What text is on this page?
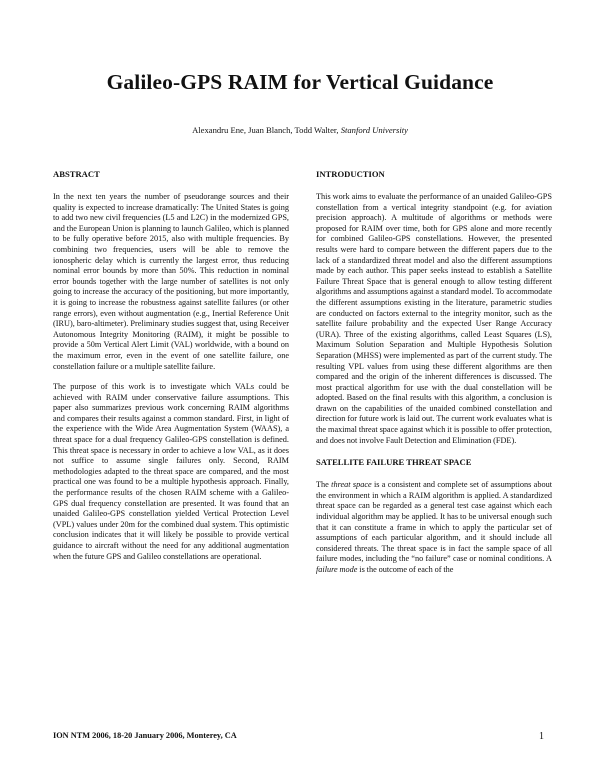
Galileo-GPS RAIM for Vertical Guidance
Alexandru Ene, Juan Blanch, Todd Walter, Stanford University
ABSTRACT

In the next ten years the number of pseudorange sources and their quality is expected to increase dramatically: The United States is going to add two new civil frequencies (L5 and L2C) in the modernized GPS, and the European Union is planning to launch Galileo, which is planned to be fully operative before 2015, also with multiple frequencies. By combining two frequencies, users will be able to remove the ionospheric delay which is currently the largest error, thus reducing nominal error bounds by more than 50%. This reduction in nominal error bounds together with the large number of satellites is not only going to increase the accuracy of the positioning, but more importantly, it is going to increase the robustness against satellite failures (or other range errors), even without augmentation (e.g., Inertial Reference Unit (IRU), baro-altimeter). Preliminary studies suggest that, using Receiver Autonomous Integrity Monitoring (RAIM), it might be possible to provide a 50m Vertical Alert Limit (VAL) worldwide, with a bound on the maximum error, even in the event of one satellite failure, one constellation failure or a multiple satellite failure.

The purpose of this work is to investigate which VALs could be achieved with RAIM under conservative failure assumptions. This paper also summarizes previous work concerning RAIM algorithms and compares their results against a common standard. First, in light of the experience with the Wide Area Augmentation System (WAAS), a threat space for a dual frequency Galileo-GPS constellation is defined. This threat space is necessary in order to achieve a low VAL, as it does not suffice to assume single failures only. Second, RAIM methodologies adapted to the threat space are compared, and the most practical one was found to be a multiple hypothesis approach. Finally, the performance results of the chosen RAIM scheme with a Galileo-GPS dual frequency constellation are presented. It was found that an unaided Galileo-GPS constellation yielded Vertical Protection Level (VPL) values under 20m for the combined dual system. This optimistic conclusion indicates that it will likely be possible to provide vertical guidance to aircraft without the need for any additional augmentation when the future GPS and Galileo constellations are operational.

INTRODUCTION

This work aims to evaluate the performance of an unaided Galileo-GPS constellation from a vertical integrity standpoint (e.g. for aviation precision approach). A multitude of algorithms or methods were proposed for RAIM over time, both for GPS alone and more recently for combined Galileo-GPS constellations. However, the presented results were hard to compare between the different papers due to the lack of a standardized threat model and also the different assumptions made by each author. This paper seeks instead to establish a Satellite Failure Threat Space that is general enough to allow testing different algorithms and assumptions against a standard model. To accommodate the different assumptions existing in the literature, parametric studies are conducted on factors external to the integrity monitor, such as the satellite failure probability and the expected User Range Accuracy (URA). Three of the existing algorithms, called Least Squares (LS), Maximum Solution Separation and Multiple Hypothesis Solution Separation (MHSS) were implemented as part of the current study. The resulting VPL values from using these different algorithms are then compared and the origin of the inherent differences is discussed. The most practical algorithm for use with the dual constellation will be adopted. Based on the final results with this algorithm, a conclusion is drawn on the capabilities of the unaided combined constellation and direction for future work is laid out. The current work evaluates what is the maximal threat space against which it is possible to offer protection, and does not involve Fault Detection and Elimination (FDE).

SATELLITE FAILURE THREAT SPACE

The threat space is a consistent and complete set of assumptions about the environment in which a RAIM algorithm is applied. A standardized threat space can be regarded as a general test case against which each individual algorithm may be applied. It has to be universal enough such that it can constitute a frame in which to apply the particular set of assumptions of each particular algorithm, and it should include all considered threats. The threat space is in fact the sample space of all failure modes, including the “no failure” case or nominal conditions. A failure mode is the outcome of each of the

ION NTM 2006, 18-20 January 2006, Monterey, CA	1
